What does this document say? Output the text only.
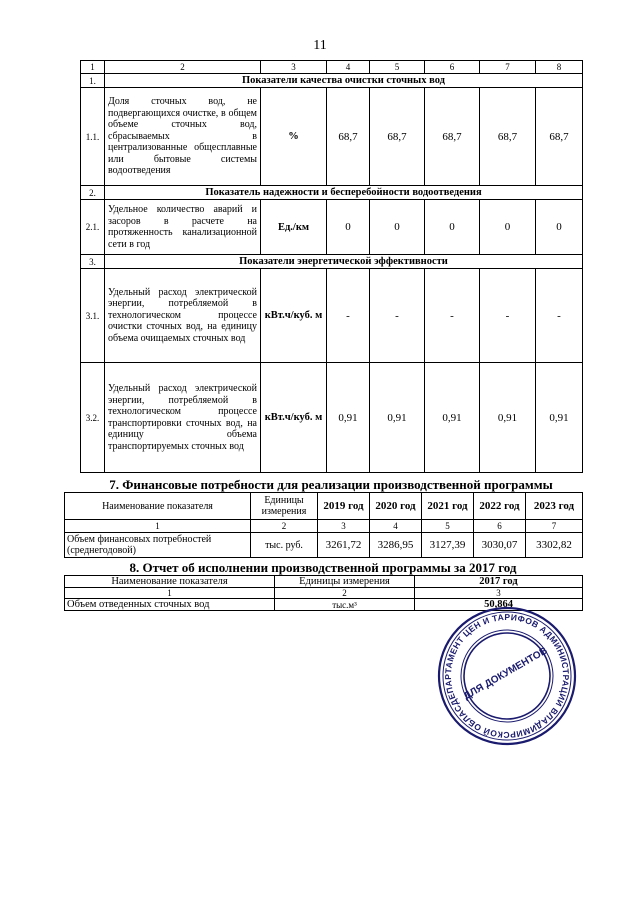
11
1	2	3	4	5	6	7	8
1.	Показатели качества очистки сточных вод						
1.1.	Доля сточных вод, не подвергающихся очистке, в общем объеме сточных вод, сбрасываемых в централизованные общесплавные или бытовые системы водоотведения	%	68,7	68,7	68,7	68,7	68,7
2.	Показатель надежности и бесперебойности водоотведения						
2.1.	Удельное количество аварий и засоров в расчете на протяженность канализационной сети в год	Ед./км	0	0	0	0	0
3.	Показатели энергетической эффективности						
3.1.	Удельный расход электрической энергии, потребляемой в технологическом процессе очистки сточных вод, на единицу объема очищаемых сточных вод	кВт.ч/куб. м	-	-	-	-	-
3.2.	Удельный расход электрической энергии, потребляемой в технологическом процессе транспортировки сточных вод, на единицу объема транспортируемых сточных вод	кВт.ч/куб. м	0,91	0,91	0,91	0,91	0,91
7. Финансовые потребности для реализации производственной программы
Наименование показателя	Единицы измерения	2019 год	2020 год	2021 год	2022 год	2023 год
1	2	3	4	5	6	7
Объем финансовых потребностей (среднегодовой)	тыс. руб.	3261,72	3286,95	3127,39	3030,07	3302,82
8. Отчет об исполнении производственной программы за 2017 год
Наименование показателя	Единицы измерения	2017 год
1	2	3
Объем отведенных сточных вод	тыс.м³	50,864
ДЕПАРТАМЕНТ ЦЕН И ТАРИФОВ АДМИНИСТРАЦИИ ВЛАДИМИРСКОЙ ОБЛАСТИ	ДЛЯ ДОКУМЕНТОВ
